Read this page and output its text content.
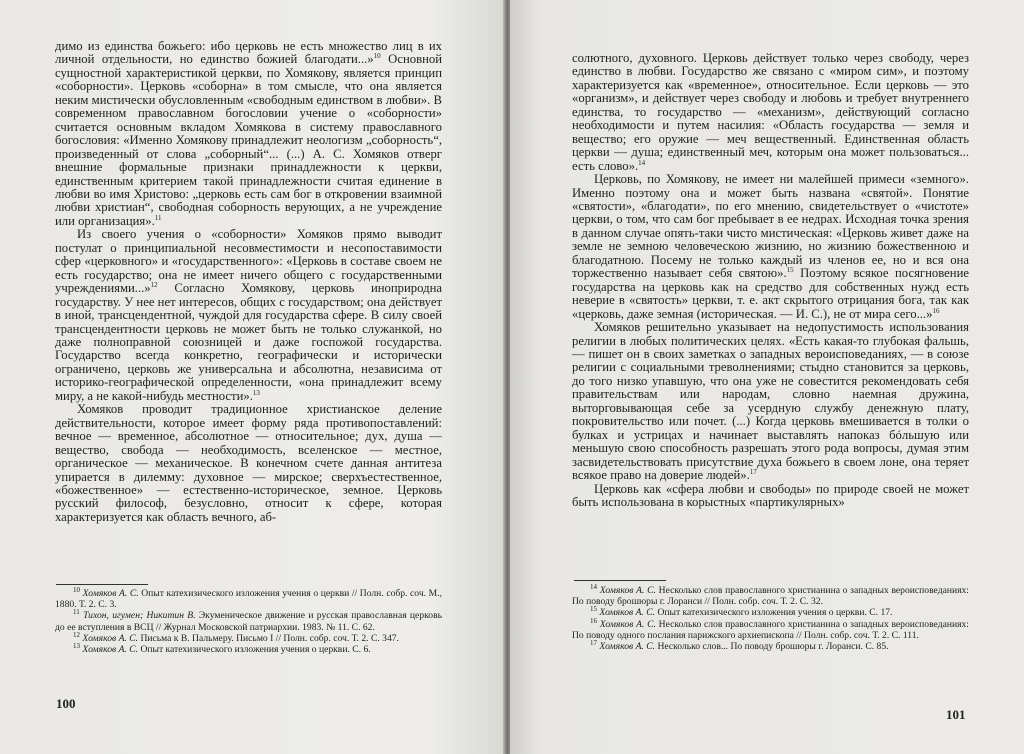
димо из единства божьего: ибо церковь не есть множество лиц в их личной отдельности, но единство божией благодати...»$^{10}$ Основной сущностной характеристикой церкви, по Хомякову, является принцип «соборности». Церковь «соборна» в том смысле, что она является неким мистически обусловленным «свободным единством в любви». В современном православном богословии учение о «соборности» считается основным вкладом Хомякова в систему православного богословия: «Именно Хомякову принадлежит неологизм „соборность“, произведенный от слова „соборный“... (...) А. С. Хомяков отверг внешние формальные признаки принадлежности к церкви, единственным критерием такой принадлежности считая единение в любви во имя Христово: „церковь есть сам бог в откровении взаимной любви христиан“, свободная соборность верующих, а не учреждение или организация».$^{11}$

Из своего учения о «соборности» Хомяков прямо выводит постулат о принципиальной несовместимости и несопоставимости сфер «церковного» и «государственного»: «Церковь в составе своем не есть государство; она не имеет ничего общего с государственными учреждениями...»$^{12}$ Согласно Хомякову, церковь иноприродна государству. У нее нет интересов, общих с государством; она действует в иной, трансцендентной, чуждой для государства сфере. В силу своей трансцендентности церковь не может быть не только служанкой, но даже полноправной союзницей и даже госпожой государства. Государство всегда конкретно, географически и исторически ограничено, церковь же универсальна и абсолютна, независима от историко-географической определенности, «она принадлежит всему миру, а не какой-нибудь местности».$^{13}$

Хомяков проводит традиционное христианское деление действительности, которое имеет форму ряда противопоставлений: вечное — временное, абсолютное — относительное; дух, душа — вещество, свобода — необходимость, вселенское — местное, органическое — механическое. В конечном счете данная антитеза упирается в дилемму: духовное — мирское; сверхъестественное, «божественное» — естественно-историческое, земное. Церковь русский философ, безусловно, относит к сфере, которая характеризуется как область вечного, аб-

$^{10}$ Хомяков А. С. Опыт катехизического изложения учения о церкви // Полн. собр. соч. М., 1880. Т. 2. С. 3.

$^{11}$ Тихон, игумен; Никитин В. Экуменическое движение и русская православная церковь до ее вступления в ВСЦ // Журнал Московской патриархии. 1983. № 11. С. 62.

$^{12}$ Хомяков А. С. Письма к В. Пальмеру. Письмо I // Полн. собр. соч. Т. 2. С. 347.

$^{13}$ Хомяков А. С. Опыт катехизического изложения учения о церкви. С. 6.

100

солютного, духовного. Церковь действует только через свободу, через единство в любви. Государство же связано с «миром сим», и поэтому характеризуется как «временное», относительное. Если церковь — это «организм», и действует через свободу и любовь и требует внутреннего единства, то государство — «механизм», действующий согласно необходимости и путем насилия: «Область государства — земля и вещество; его оружие — меч вещественный. Единственная область церкви — душа; единственный меч, которым она может пользоваться... есть слово».$^{14}$

Церковь, по Хомякову, не имеет ни малейшей примеси «земного». Именно поэтому она и может быть названа «святой». Понятие «святости», «благодати», по его мнению, свидетельствует о «чистоте» церкви, о том, что сам бог пребывает в ее недрах. Исходная точка зрения в данном случае опять-таки чисто мистическая: «Церковь живет даже на земле не земною человеческою жизнию, но жизнию божественною и благодатною. Посему не только каждый из членов ее, но и вся она торжественно называет себя святою».$^{15}$ Поэтому всякое посягновение государства на церковь как на средство для собственных нужд есть неверие в «святость» церкви, т. е. акт скрытого отрицания бога, так как «церковь, даже земная (историческая. — И. С.), не от мира сего...»$^{16}$

Хомяков решительно указывает на недопустимость использования религии в любых политических целях. «Есть какая-то глубокая фальшь, — пишет он в своих заметках о западных вероисповеданиях, — в союзе религии с социальными треволнениями; стыдно становится за церковь, до того низко упавшую, что она уже не совестится рекомендовать себя правительствам или народам, словно наемная дружина, выторговывающая себе за усердную службу денежную плату, покровительство или почет. (...) Когда церковь вмешивается в толки о булках и устрицах и начинает выставлять напоказ бóльшую или меньшую свою способность разрешать этого рода вопросы, думая этим засвидетельствовать присутствие духа божьего в своем лоне, она теряет всякое право на доверие людей».$^{17}$

Церковь как «сфера любви и свободы» по природе своей не может быть использована в корыстных «партикулярных»

$^{14}$ Хомяков А. С. Несколько слов православного христианина о западных вероисповеданиях: По поводу брошюры г. Лоранси // Полн. собр. соч. Т. 2. С. 32.

$^{15}$ Хомяков А. С. Опыт катехизического изложения учения о церкви. С. 17.

$^{16}$ Хомяков А. С. Несколько слов православного христианина о западных вероисповеданиях: По поводу одного послания парижского архиепископа // Полн. собр. соч. Т. 2. С. 111.

$^{17}$ Хомяков А. С. Несколько слов... По поводу брошюры г. Лоранси. С. 85.

101
